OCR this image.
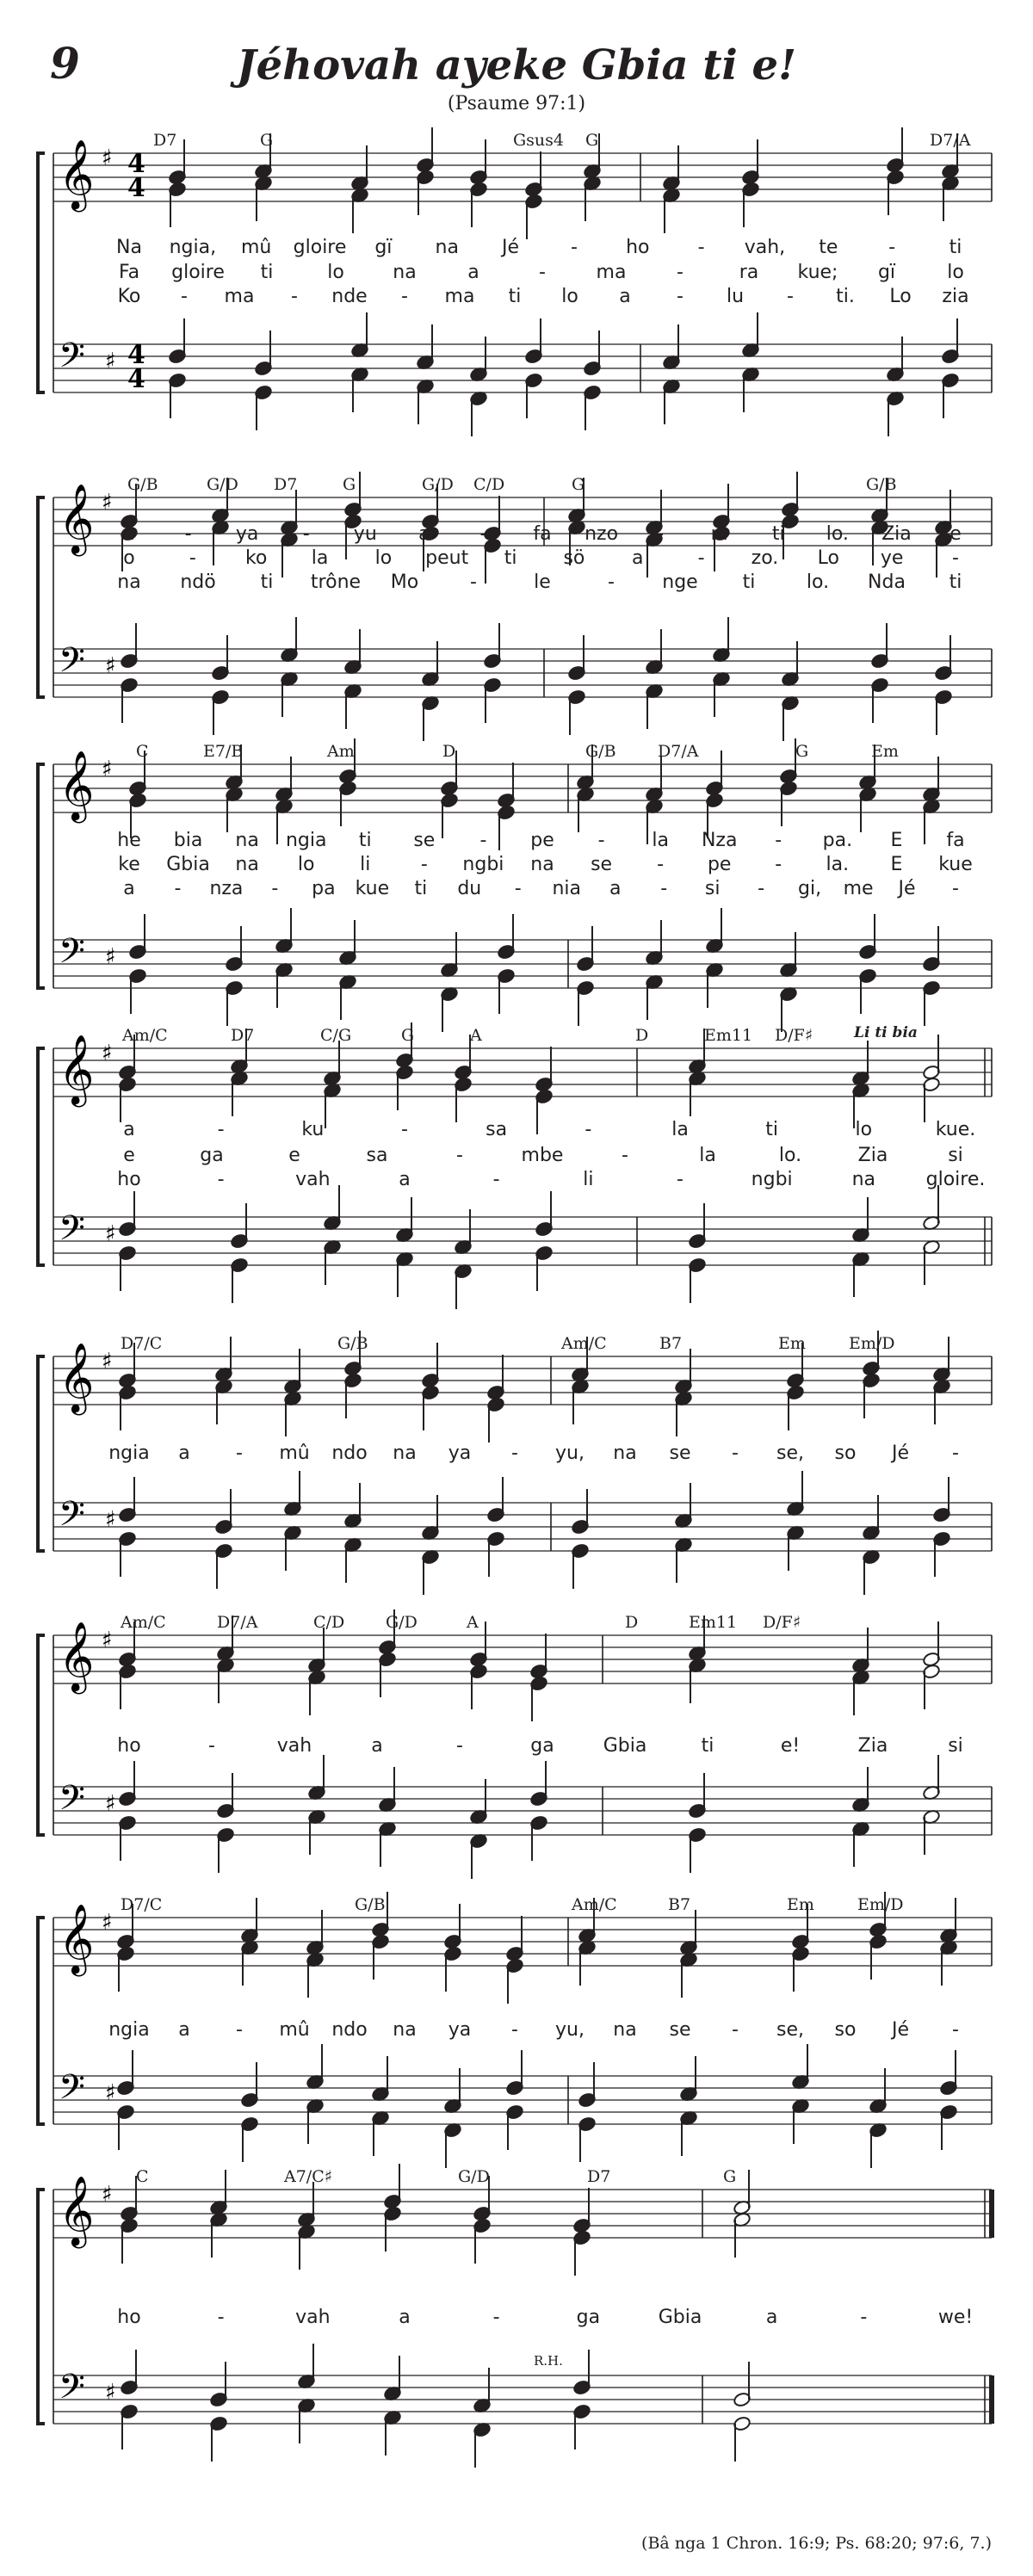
9	Jéhovah ayeke Gbia ti e!
(Psaume 97:1)
𝄞 ♯
𝄢 ♯
4
4
4
4
D7	G	Gsus4 G	D7/A
Na ngia, mû gloire gï na Jé	-	ho	- vah, te	-	ti
Fa gloire ti	lo	na	a	-	ma	-	ra kue; gï	lo
Ko - ma - nde - ma ti lo a - lu - ti. Lo zia
𝄞 ♯
𝄢 ♯
G/B	G/D D7	G	G/D C/D	G	G/B
a	- ya - yu a	- fa nzo - ni ti lo. Zia e
o	-	ko la lo peut ti sö a	- zo. Lo ye	-
na ndö ti trône Mo	-	le	-	nge ti	lo. Nda ti
𝄞 ♯
𝄢 ♯
C	E7/B	Am	D	G/B	D7/A	G	Em
he bia na ngia ti se - pe - la Nza - pa. E fa
ke Gbia na lo li	- ngbi na se - pe - la. E kue
a - nza - pa kue ti du - nia a - si - gi, me Jé -
𝄞 ♯
𝄢 ♯
Am/C	D7	C/G	G	A	D	Em11 D/F♯	Li ti bia
a	-	ku	-	sa	-	la	ti	lo	kue.
e	ga	e	sa	-	mbe	-	la	lo.	Zia	si
ho	-	vah	a	-	li	-	ngbi	na	gloire.
𝄞 ♯
𝄢 ♯
D7/C	G/B	Am/C	B7	Em	Em/D
ngia a - mû ndo na ya - yu, na se - se, so Jé -
𝄞 ♯
𝄢 ♯
Am/C	D7/A	C/D	G/D	A	D	Em11 D/F♯
ho	-	vah	a	-	ga	Gbia	ti	e!	Zia	si
𝄞 ♯
𝄢 ♯
D7/C	G/B	Am/C	B7	Em	Em/D
ngia a - mû ndo na ya - yu, na se - se, so Jé -
𝄞 ♯
𝄢 ♯
C	A7/C♯	G/D	D7	G
R.H.
ho	-	vah	a	-	ga	Gbia	a	-	we!
(Bâ nga 1 Chron. 16:9; Ps. 68:20; 97:6, 7.)
